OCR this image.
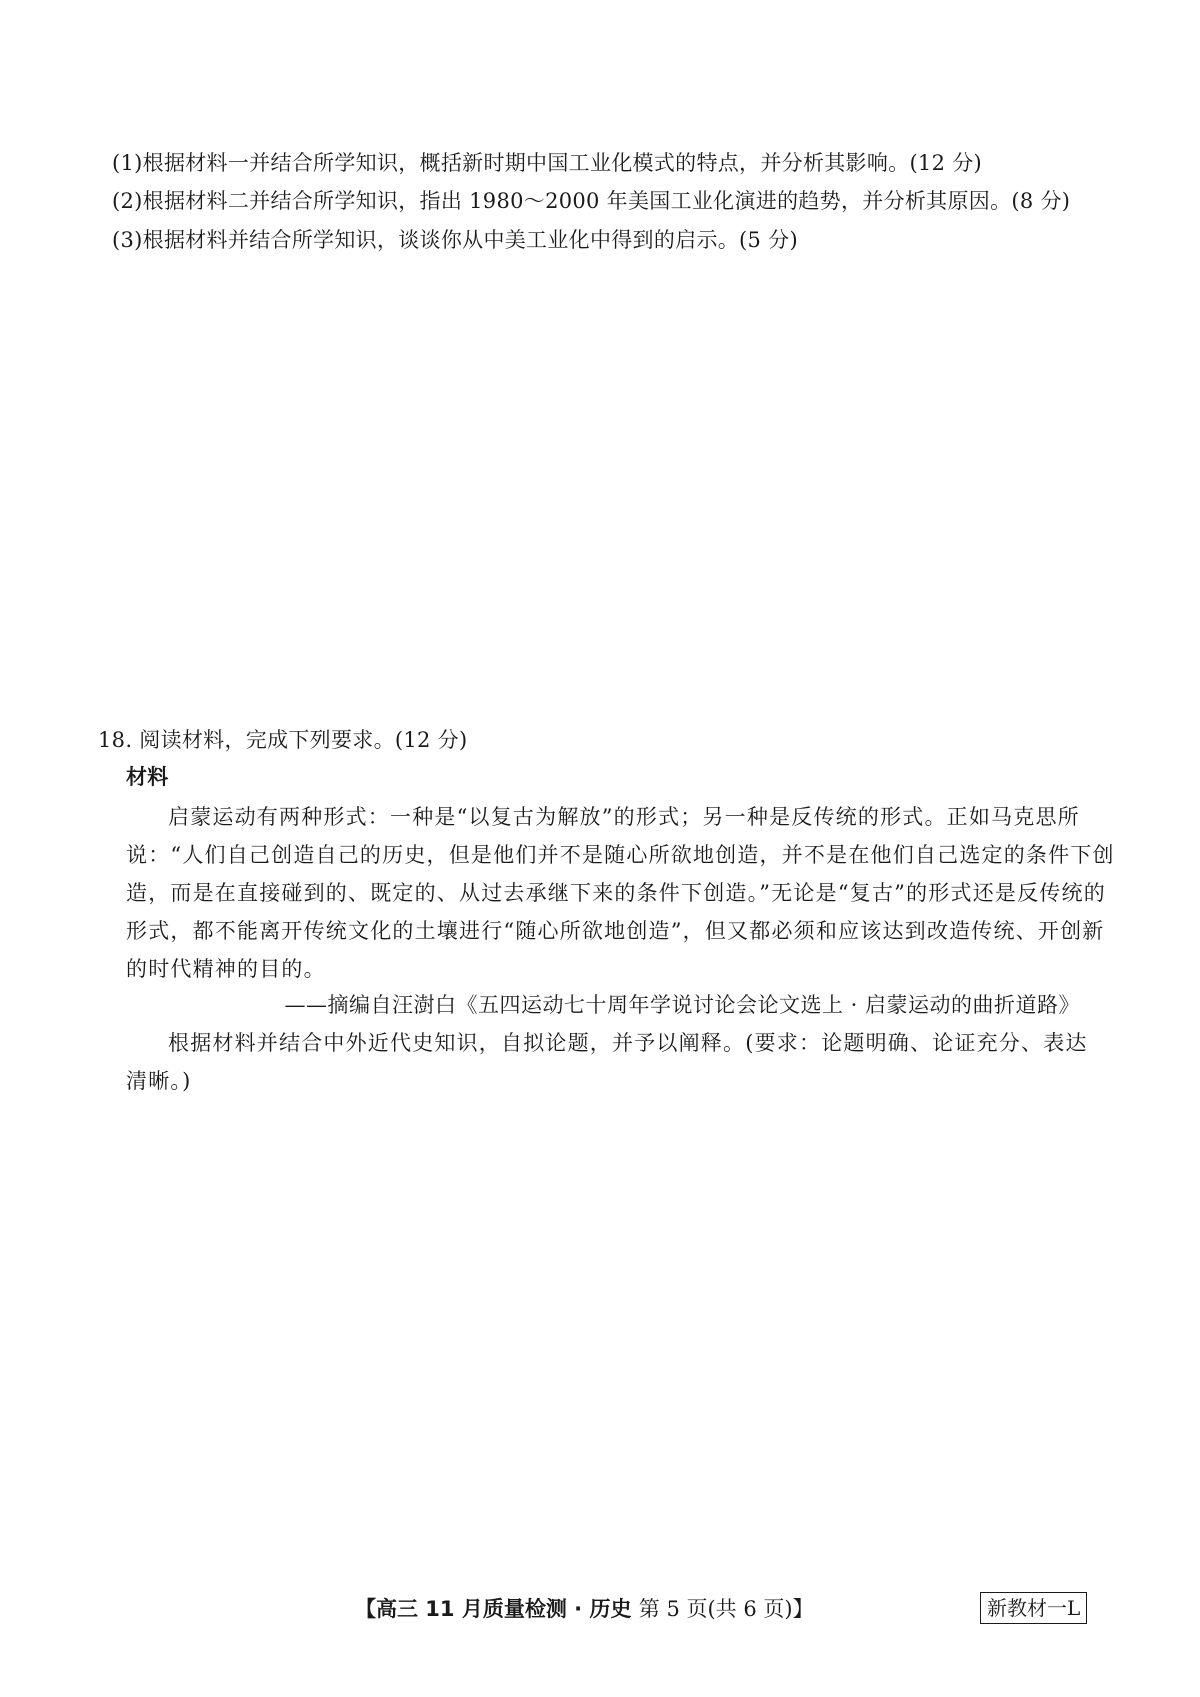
(1)根据材料一并结合所学知识，概括新时期中国工业化模式的特点，并分析其影响。(12 分)
(2)根据材料二并结合所学知识，指出 1980～2000 年美国工业化演进的趋势，并分析其原因。(8 分)
(3)根据材料并结合所学知识，谈谈你从中美工业化中得到的启示。(5 分)
18. 阅读材料，完成下列要求。(12 分)
材料

启蒙运动有两种形式：一种是“以复古为解放”的形式；另一种是反传统的形式。正如马克思所

说：“人们自己创造自己的历史，但是他们并不是随心所欲地创造，并不是在他们自己选定的条件下创

造，而是在直接碰到的、既定的、从过去承继下来的条件下创造。”无论是“复古”的形式还是反传统的

形式，都不能离开传统文化的土壤进行“随心所欲地创造”，但又都必须和应该达到改造传统、开创新

的时代精神的目的。

——摘编自汪澍白《五四运动七十周年学说讨论会论文选上 · 启蒙运动的曲折道路》

根据材料并结合中外近代史知识，自拟论题，并予以阐释。(要求：论题明确、论证充分、表达

清晰。)

【高三 11 月质量检测 · 历史 第 5 页(共 6 页)】	新教材一L
